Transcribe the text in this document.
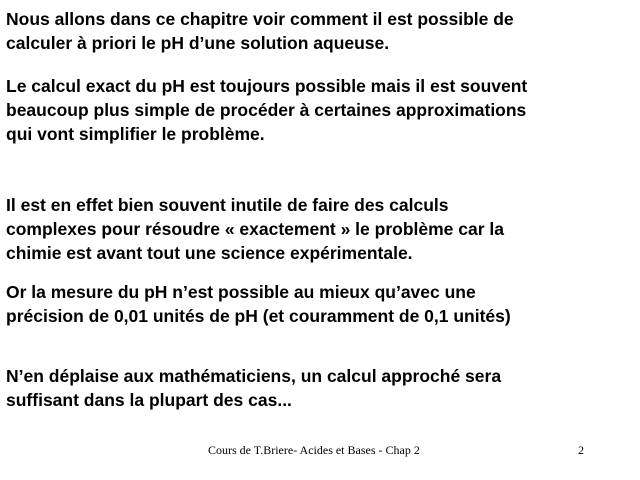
Nous allons dans ce chapitre voir comment il est possible de
calculer à priori le pH d’une solution aqueuse.
Le calcul exact du pH est toujours possible mais il est souvent
beaucoup plus simple de procéder à certaines approximations
qui vont simplifier le problème.
Il est en effet bien souvent inutile de faire des calculs
complexes pour résoudre « exactement » le problème car la
chimie est avant tout une science expérimentale.
Or la mesure du pH n’est possible au mieux qu’avec une
précision de 0,01 unités de pH (et couramment de 0,1 unités)
N’en déplaise aux mathématiciens, un calcul approché sera
suffisant dans la plupart des cas...
Cours de T.Briere- Acides et Bases - Chap 2	2
